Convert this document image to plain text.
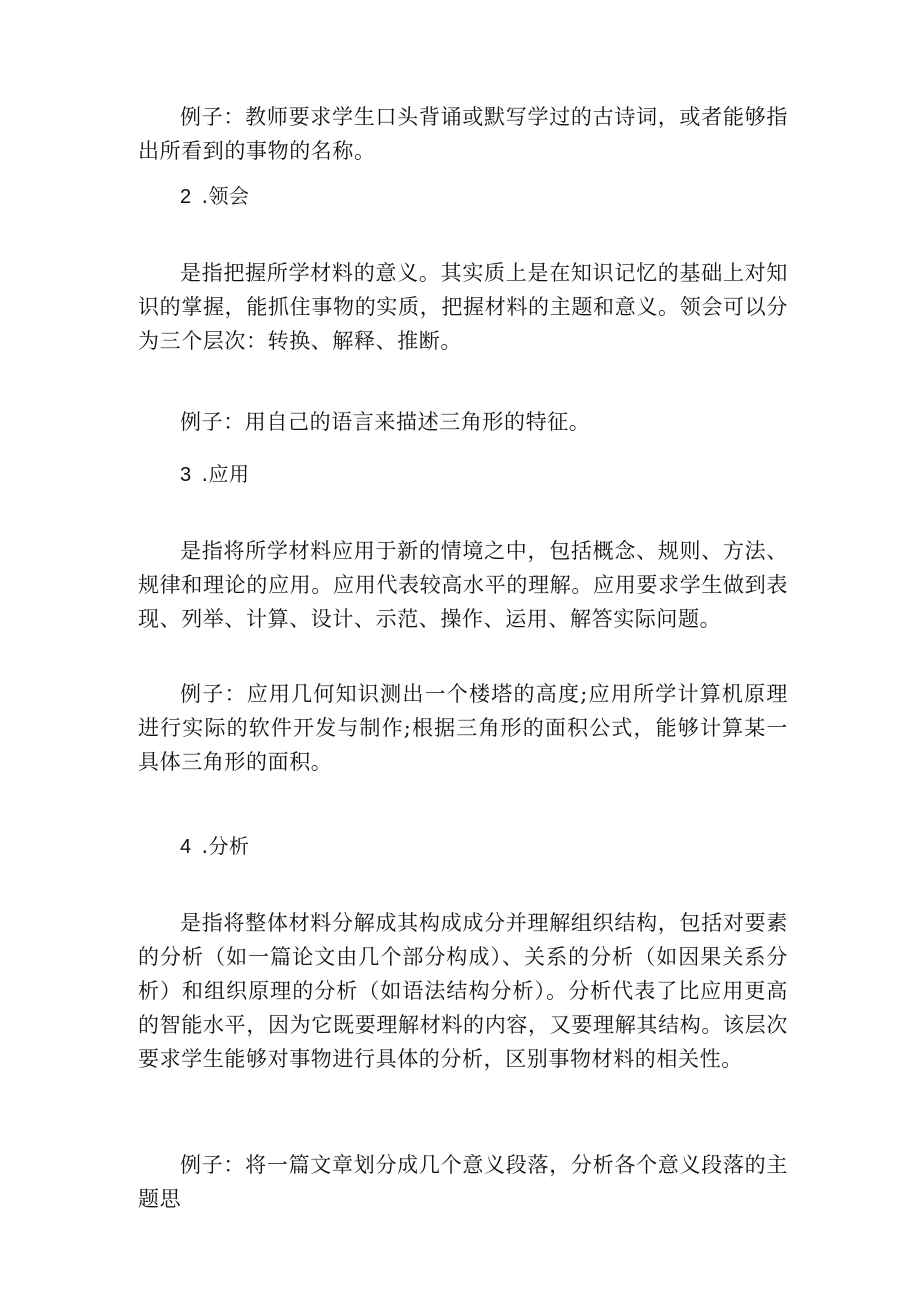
例子：教师要求学生口头背诵或默写学过的古诗词，或者能够指出所看到的事物的名称。

2 .领会

是指把握所学材料的意义。其实质上是在知识记忆的基础上对知识的掌握，能抓住事物的实质，把握材料的主题和意义。领会可以分为三个层次：转换、解释、推断。

例子：用自己的语言来描述三角形的特征。

3 .应用

是指将所学材料应用于新的情境之中，包括概念、规则、方法、规律和理论的应用。应用代表较高水平的理解。应用要求学生做到表现、列举、计算、设计、示范、操作、运用、解答实际问题。

例子：应用几何知识测出一个楼塔的高度;应用所学计算机原理进行实际的软件开发与制作;根据三角形的面积公式，能够计算某一具体三角形的面积。

4 .分析

是指将整体材料分解成其构成成分并理解组织结构，包括对要素的分析（如一篇论文由几个部分构成）、关系的分析（如因果关系分析）和组织原理的分析（如语法结构分析）。分析代表了比应用更高的智能水平，因为它既要理解材料的内容，又要理解其结构。该层次要求学生能够对事物进行具体的分析，区别事物材料的相关性。

例子：将一篇文章划分成几个意义段落，分析各个意义段落的主题思
